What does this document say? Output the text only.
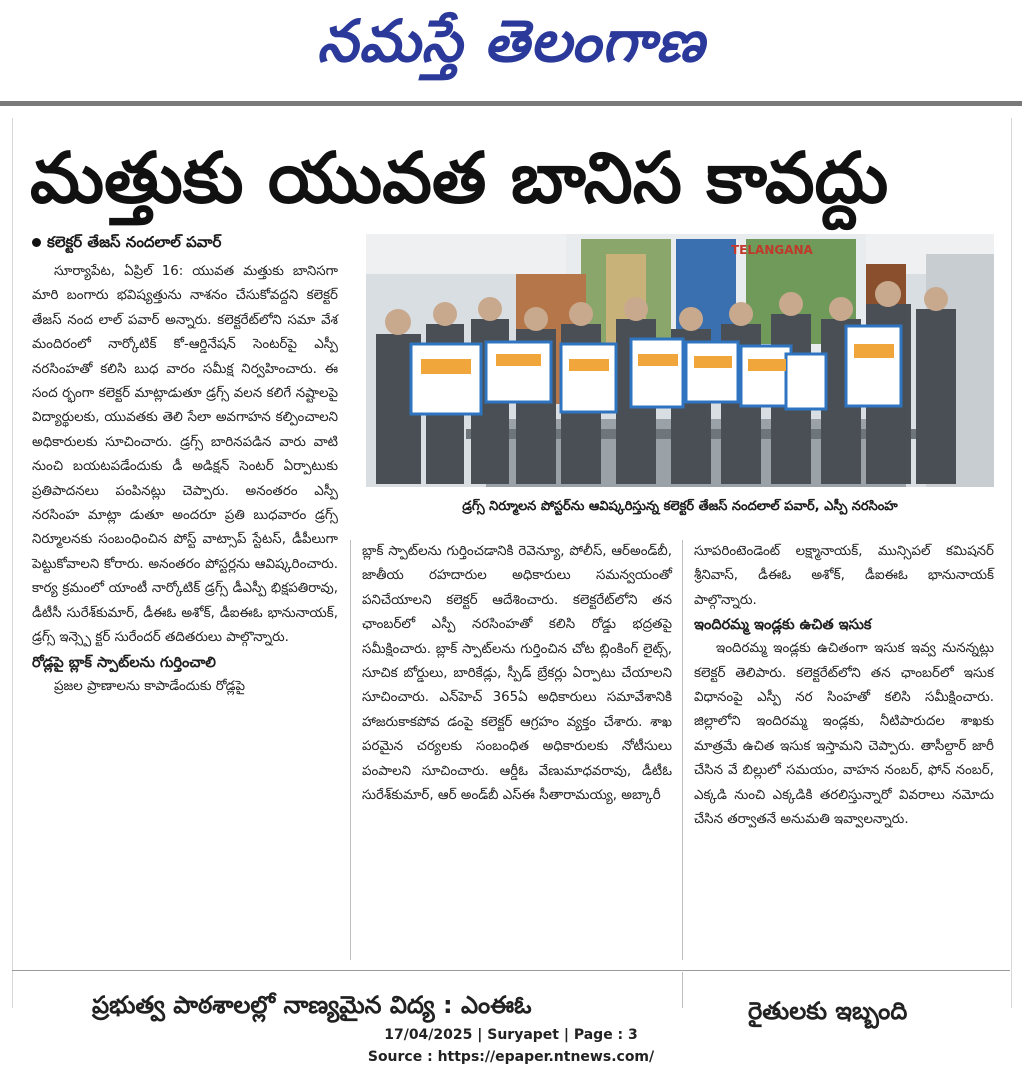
నమస్తే తెలంగాణ
మత్తుకు యువత బానిస కావద్దు
కలెక్టర్ తేజస్ నందలాల్ పవార్

సూర్యాపేట, ఏప్రిల్ 16: యువత మత్తుకు బానిసగా మారి బంగారు భవిష్యత్తును నాశనం చేసుకోవద్దని కలెక్టర్ తేజస్ నంద లాల్ పవార్ అన్నారు. కలెక్టరేట్‌లోని సమా వేశ మందిరంలో నార్కోటిక్ కో-ఆర్డినేషన్ సెంటర్‌పై ఎస్పీ నరసింహతో కలిసి బుధ వారం సమీక్ష నిర్వహించారు. ఈ సంద ర్భంగా కలెక్టర్ మాట్లాడుతూ డ్రగ్స్ వలన కలిగే నష్టాలపై విద్యార్థులకు, యువతకు తెలి సేలా అవగాహన కల్పించాలని అధికారులకు సూచించారు. డ్రగ్స్ బారినపడిన వారు వాటి నుంచి బయటపడేందుకు డీ అడిక్షన్ సెంటర్ ఏర్పాటుకు ప్రతిపాదనలు పంపినట్లు చెప్పారు. అనంతరం ఎస్పీ నరసింహ మాట్లా డుతూ అందరూ ప్రతి బుధవారం డ్రగ్స్ నిర్మూలనకు సంబంధించిన పోస్ట్ వాట్సాప్ స్టేటస్, డీపీలుగా పెట్టుకోవాలని కోరారు. అనంతరం పోస్టర్లను ఆవిష్కరించారు. కార్య క్రమంలో యాంటీ నార్కోటిక్ డ్రగ్స్ డీఎస్పీ భిక్షపతిరావు, డీటీసీ సురేశ్‌కుమార్, డీఈఓ అశోక్, డీఐఈఓ భానునాయక్, డ్రగ్స్ ఇన్స్పె క్టర్ సురేందర్ తదితరులు పాల్గొన్నారు.

రోడ్లపై బ్లాక్ స్పాట్‌లను గుర్తించాలి

ప్రజల ప్రాణాలను కాపాడేందుకు రోడ్లపై

TELANGANA
డ్రగ్స్ నిర్మూలన పోస్టర్‌ను ఆవిష్కరిస్తున్న కలెక్టర్ తేజస్ నందలాల్ పవార్, ఎస్పీ నరసింహ

బ్లాక్ స్పాట్‌లను గుర్తించడానికి రెవెన్యూ, పోలీస్, ఆర్అండ్‌బీ, జాతీయ రహదారుల అధికారులు సమన్వయంతో పనిచేయాలని కలెక్టర్ ఆదేశించారు. కలెక్టరేట్‌లోని తన ఛాంబర్‌లో ఎస్పీ నరసింహతో కలిసి రోడ్డు భద్రతపై సమీక్షించారు. బ్లాక్ స్పాట్‌లను గుర్తించిన చోట బ్లింకింగ్ లైట్స్, సూచిక బోర్డులు, బారికేడ్లు, స్పీడ్ బ్రేకర్లు ఏర్పాటు చేయాలని సూచించారు. ఎన్‌హెచ్ 365ఏ అధికారులు సమావేశానికి హాజరుకాకపోవ డంపై కలెక్టర్ ఆగ్రహం వ్యక్తం చేశారు. శాఖ పరమైన చర్యలకు సంబంధిత అధికారులకు నోటీసులు పంపాలని సూచించారు. ఆర్డీఓ వేణుమాధవరావు, డీటీఓ సురేశ్‌కుమార్, ఆర్ అండ్‌బీ ఎస్ఈ సీతారామయ్య, అబ్కారీ

సూపరింటెండెంట్ లక్ష్మానాయక్, మున్సిపల్ కమిషనర్ శ్రీనివాస్, డీఈఓ అశోక్, డీఐఈఓ భానునాయక్ పాల్గొన్నారు.

ఇందిరమ్మ ఇండ్లకు ఉచిత ఇసుక

ఇందిరమ్మ ఇండ్లకు ఉచితంగా ఇసుక ఇవ్వ నునన్నట్లు కలెక్టర్ తెలిపారు. కలెక్టరేట్‌లోని తన ఛాంబర్‌లో ఇసుక విధానంపై ఎస్పీ నర సింహతో కలిసి సమీక్షించారు. జిల్లాలోని ఇందిరమ్మ ఇండ్లకు, నీటిపారుదల శాఖకు మాత్రమే ఉచిత ఇసుక ఇస్తామని చెప్పారు. తాసీల్దార్ జారీ చేసిన వే బిల్లులో సమయం, వాహన నంబర్, ఫోన్ నంబర్, ఎక్కడి నుంచి ఎక్కడికి తరలిస్తున్నారో వివరాలు నమోదు చేసిన తర్వాతనే అనుమతి ఇవ్వాలన్నారు.

ప్రభుత్వ పాఠశాలల్లో నాణ్యమైన విద్య : ఎంఈఓ	రైతులకు ఇబ్బంది
17/04/2025 | Suryapet | Page : 3
Source : https://epaper.ntnews.com/
